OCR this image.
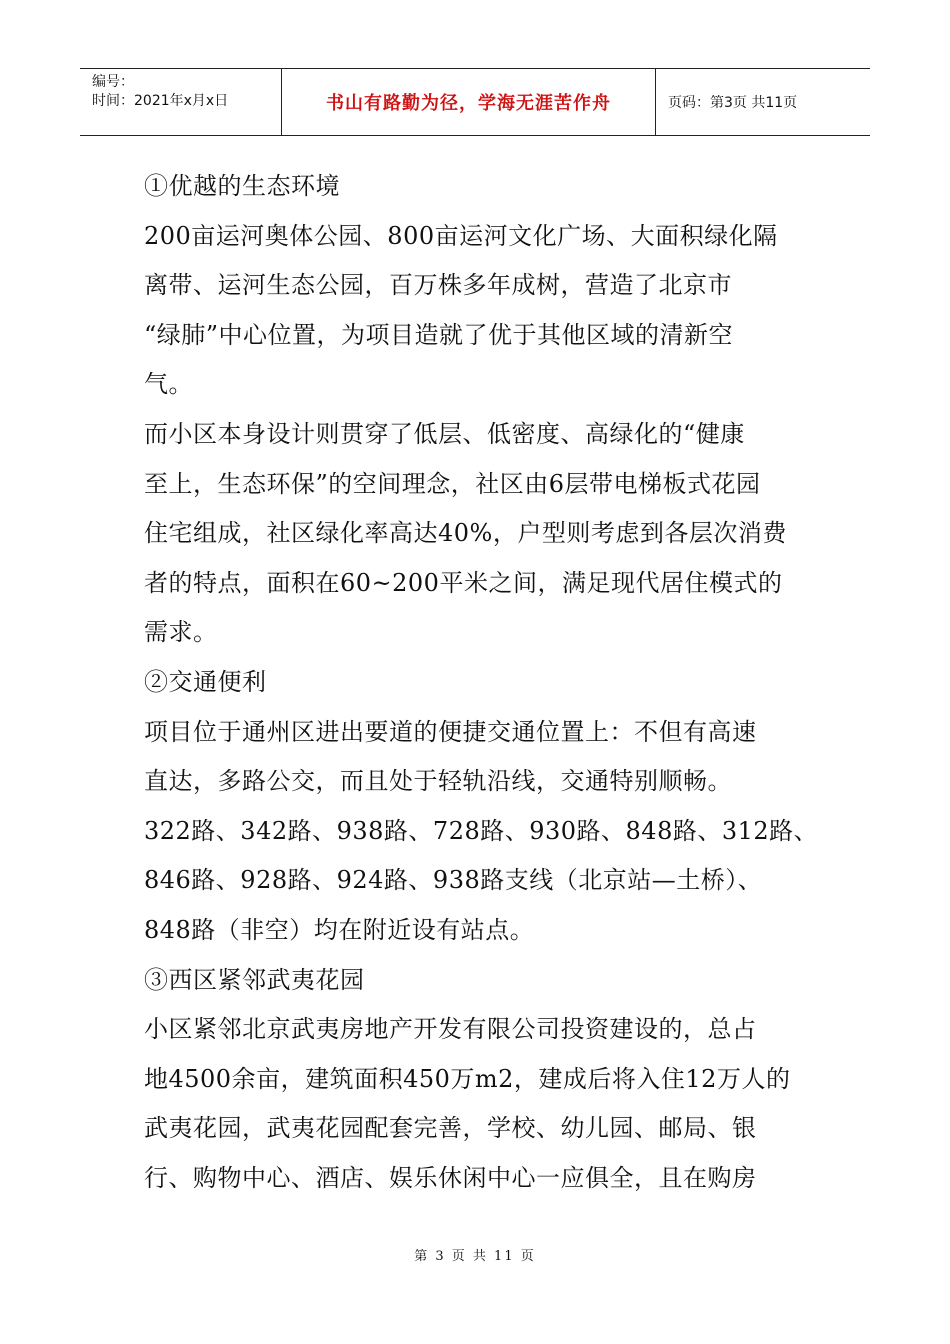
编号：
时间：2021年x月x日	书山有路勤为径，学海无涯苦作舟	页码：第3页 共11页
①优越的生态环境
200亩运河奥体公园、800亩运河文化广场、大面积绿化隔
离带、运河生态公园，百万株多年成树，营造了北京市
“绿肺”中心位置，为项目造就了优于其他区域的清新空
气。
而小区本身设计则贯穿了低层、低密度、高绿化的“健康
至上，生态环保”的空间理念，社区由6层带电梯板式花园
住宅组成，社区绿化率高达40%，户型则考虑到各层次消费
者的特点，面积在60~200平米之间，满足现代居住模式的
需求。
②交通便利
项目位于通州区进出要道的便捷交通位置上：不但有高速
直达，多路公交，而且处于轻轨沿线，交通特别顺畅。
322路、342路、938路、728路、930路、848路、312路、
846路、928路、924路、938路支线（北京站—土桥）、
848路（非空）均在附近设有站点。
③西区紧邻武夷花园
小区紧邻北京武夷房地产开发有限公司投资建设的，总占
地4500余亩，建筑面积450万m2，建成后将入住12万人的
武夷花园，武夷花园配套完善，学校、幼儿园、邮局、银
行、购物中心、酒店、娱乐休闲中心一应俱全，且在购房
第 3 页 共 11 页
